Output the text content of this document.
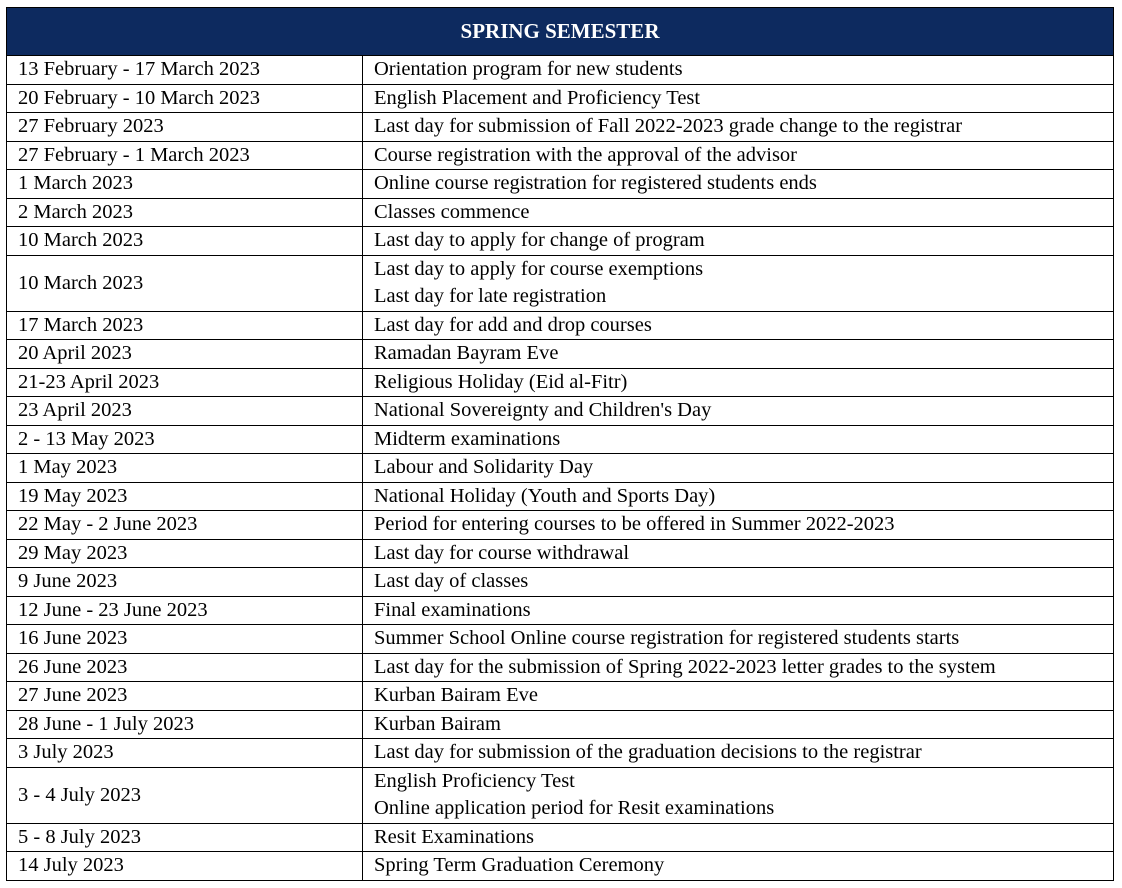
SPRING SEMESTER	
13 February - 17 March 2023	Orientation program for new students

20 February - 10 March 2023	English Placement and Proficiency Test

27 February 2023	Last day for submission of Fall 2022-2023 grade change to the registrar

27 February - 1 March 2023	Course registration with the approval of the advisor

1 March 2023	Online course registration for registered students ends

2 March 2023	Classes commence

10 March 2023	Last day to apply for change of program

10 March 2023	Last day to apply for course exemptions
Last day for late registration

17 March 2023	Last day for add and drop courses

20 April 2023	Ramadan Bayram Eve

21-23 April 2023	Religious Holiday (Eid al-Fitr)

23 April 2023	National Sovereignty and Children's Day

2 - 13 May 2023	Midterm examinations

1 May 2023	Labour and Solidarity Day

19 May 2023	National Holiday (Youth and Sports Day)

22 May - 2 June 2023	Period for entering courses to be offered in Summer 2022-2023

29 May 2023	Last day for course withdrawal

9 June 2023	Last day of classes

12 June - 23 June 2023	Final examinations

16 June 2023	Summer School Online course registration for registered students starts

26 June 2023	Last day for the submission of Spring 2022-2023 letter grades to the system

27 June 2023	Kurban Bairam Eve

28 June - 1 July 2023	Kurban Bairam

3 July 2023	Last day for submission of the graduation decisions to the registrar

3 - 4 July 2023	English Proficiency Test
Online application period for Resit examinations

5 - 8 July 2023	Resit Examinations

14 July 2023	Spring Term Graduation Ceremony
